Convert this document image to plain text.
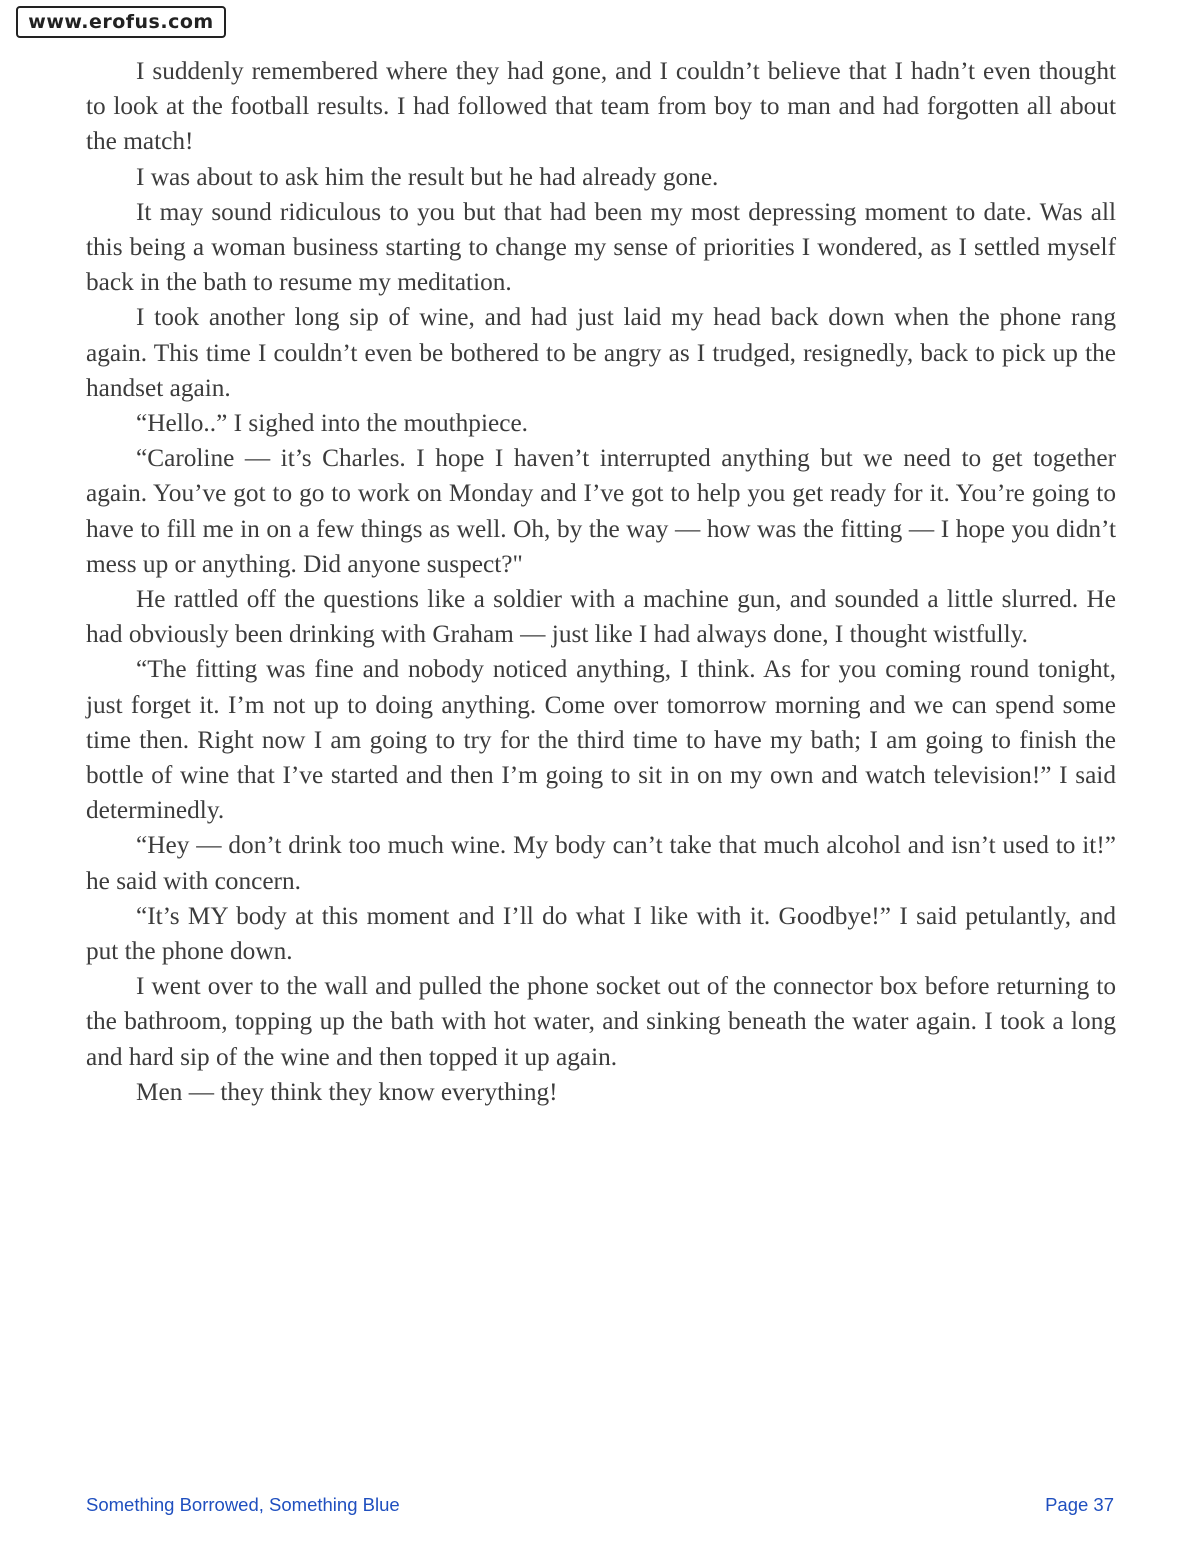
www.erofus.com

I suddenly remembered where they had gone, and I couldn’t believe that I hadn’t even thought to look at the football results. I had followed that team from boy to man and had forgotten all about the match!

I was about to ask him the result but he had already gone.

It may sound ridiculous to you but that had been my most depressing moment to date. Was all this being a woman business starting to change my sense of priorities I wondered, as I settled myself back in the bath to resume my meditation.

I took another long sip of wine, and had just laid my head back down when the phone rang again. This time I couldn’t even be bothered to be angry as I trudged, resignedly, back to pick up the handset again.

“Hello..” I sighed into the mouthpiece.

“Caroline — it’s Charles. I hope I haven’t interrupted anything but we need to get together again. You’ve got to go to work on Monday and I’ve got to help you get ready for it. You’re going to have to fill me in on a few things as well. Oh, by the way — how was the fitting — I hope you didn’t mess up or anything. Did anyone suspect?"

He rattled off the questions like a soldier with a machine gun, and sounded a little slurred. He had obviously been drinking with Graham — just like I had always done, I thought wistfully.

“The fitting was fine and nobody noticed anything, I think. As for you coming round tonight, just forget it. I’m not up to doing anything. Come over tomorrow morning and we can spend some time then. Right now I am going to try for the third time to have my bath; I am going to finish the bottle of wine that I’ve started and then I’m going to sit in on my own and watch television!” I said determinedly.

“Hey — don’t drink too much wine. My body can’t take that much alcohol and isn’t used to it!” he said with concern.

“It’s MY body at this moment and I’ll do what I like with it. Goodbye!” I said petulantly, and put the phone down.

I went over to the wall and pulled the phone socket out of the connector box before returning to the bathroom, topping up the bath with hot water, and sinking beneath the water again. I took a long and hard sip of the wine and then topped it up again.

Men — they think they know everything!

Something Borrowed, Something Blue	Page 37
